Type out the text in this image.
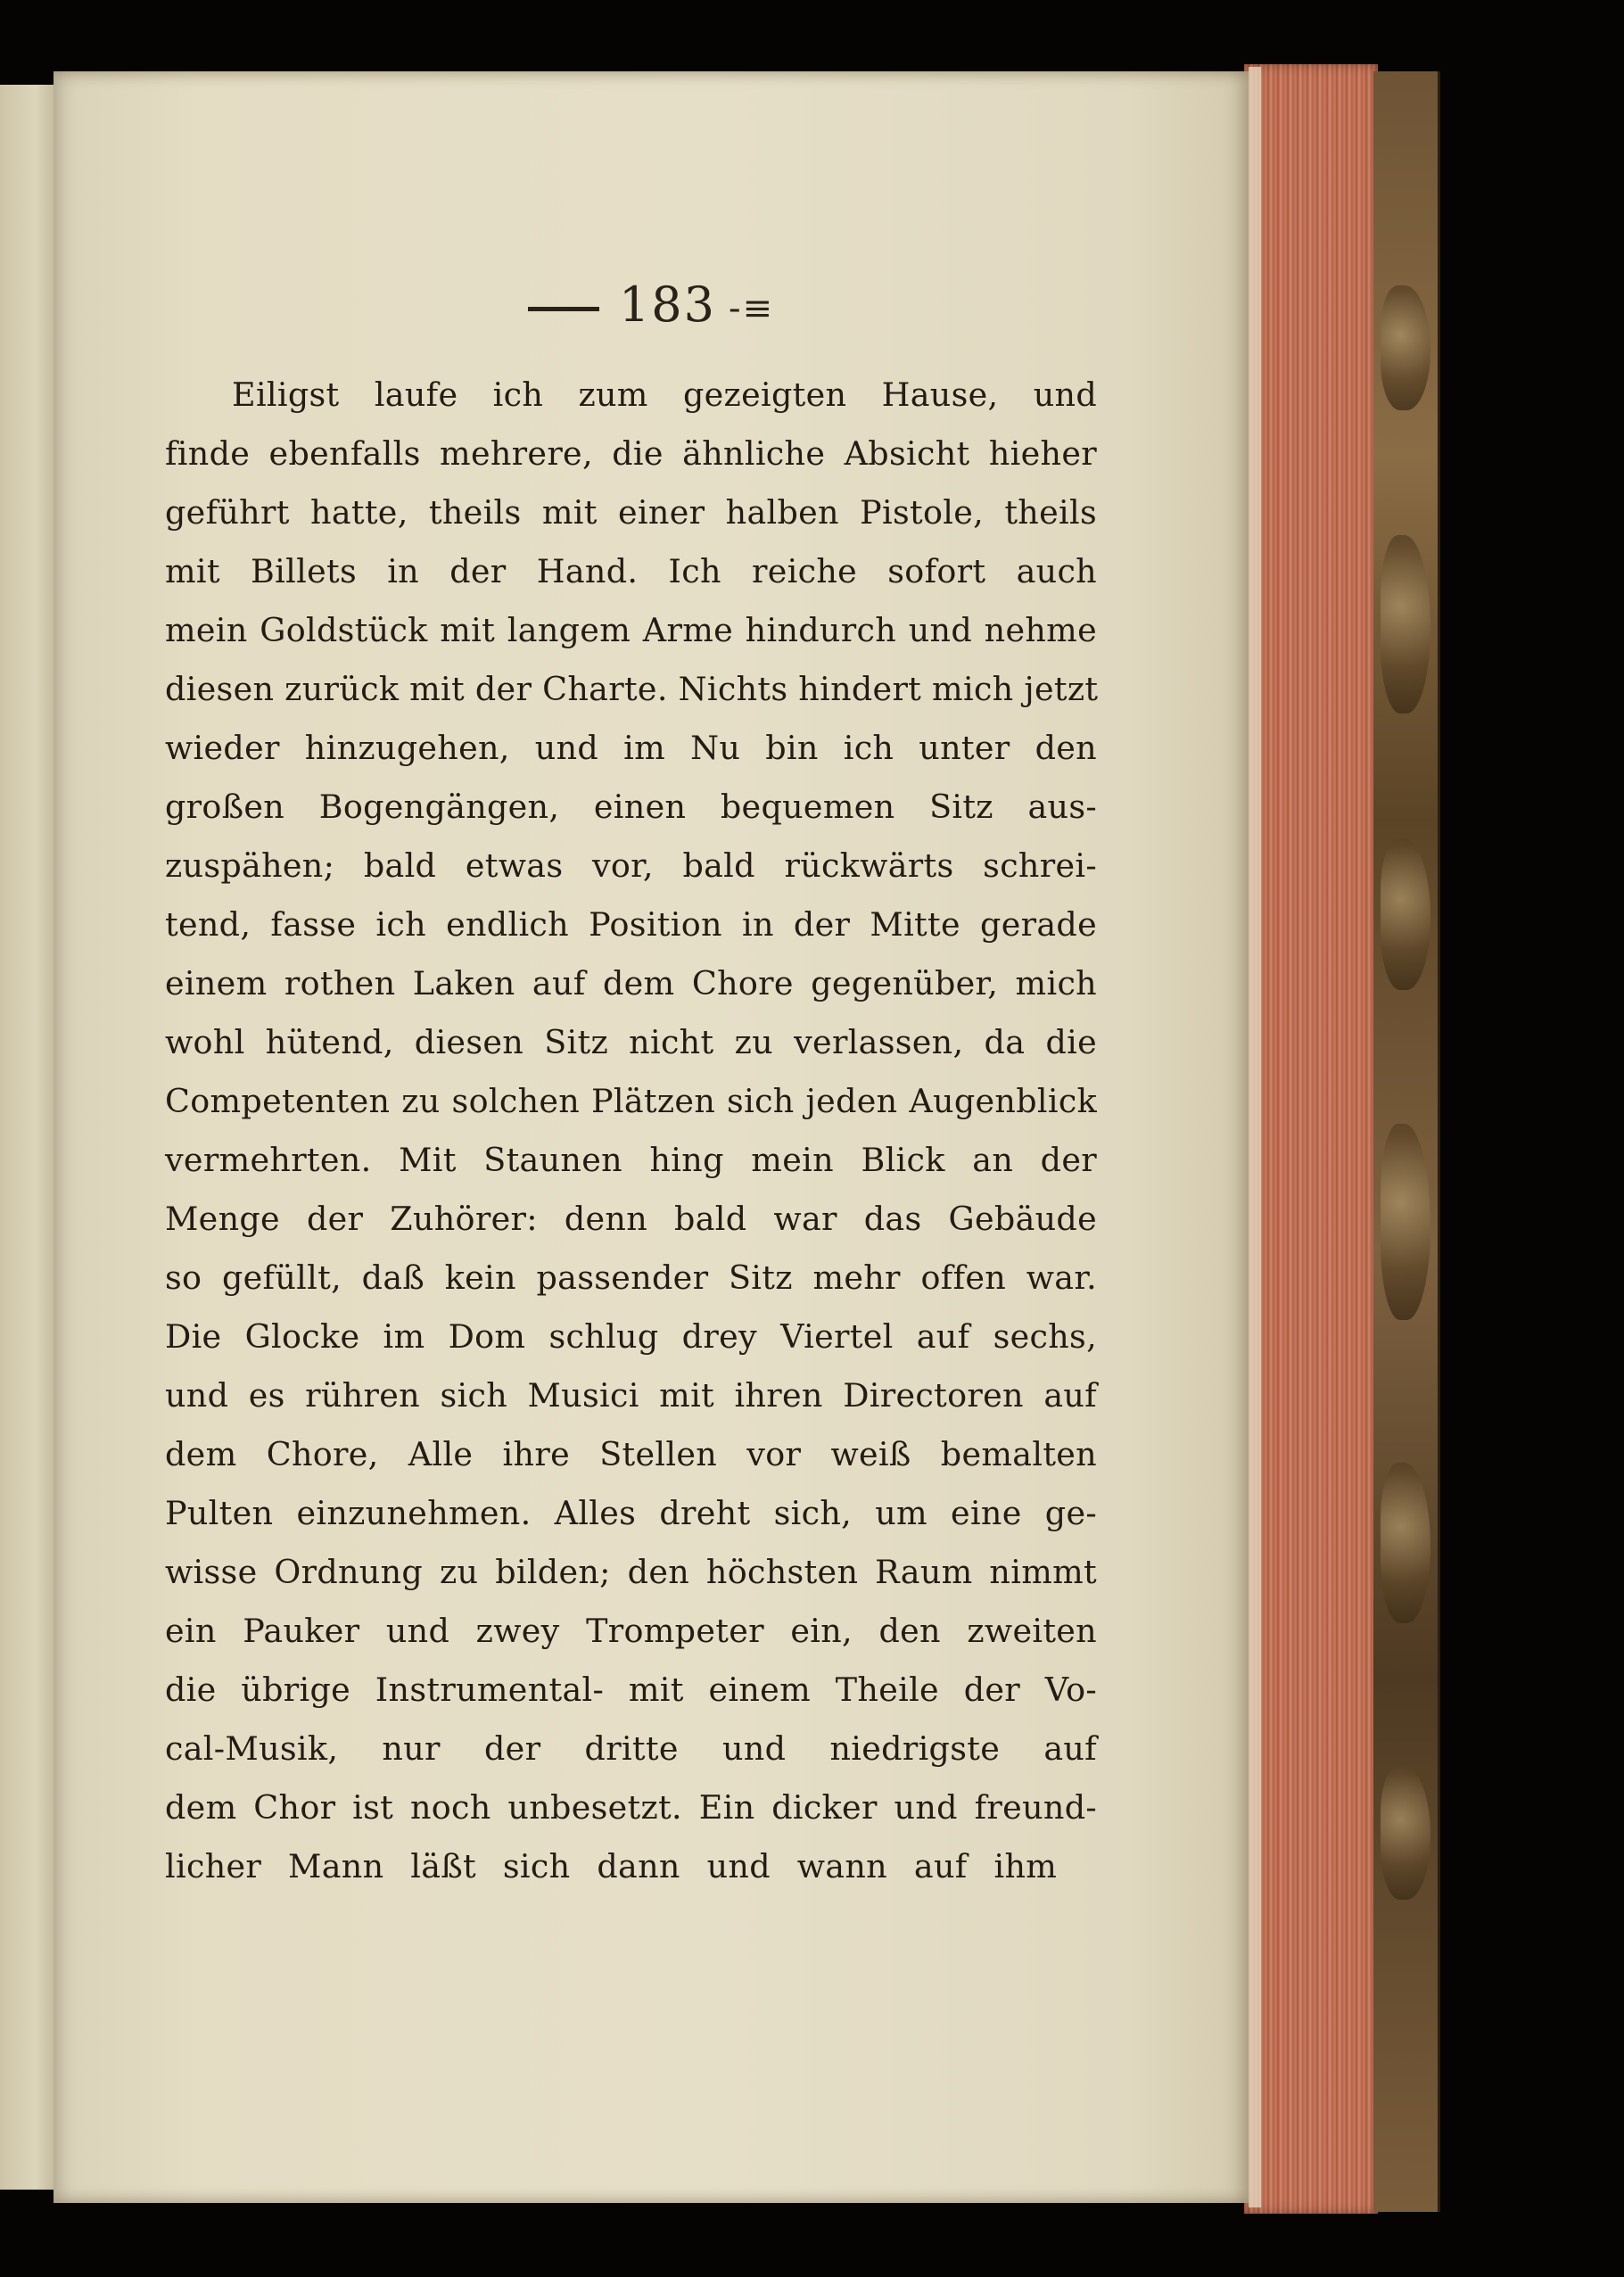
183 -≡
Eiligst laufe ich zum gezeigten Hause, und
finde ebenfalls mehrere, die ähnliche Absicht hieher
geführt hatte, theils mit einer halben Pistole, theils
mit Billets in der Hand. Ich reiche sofort auch
mein Goldstück mit langem Arme hindurch und nehme
diesen zurück mit der Charte. Nichts hindert mich jetzt
wieder hinzugehen, und im Nu bin ich unter den
großen Bogengängen, einen bequemen Sitz aus-
zuspähen; bald etwas vor, bald rückwärts schrei-
tend, fasse ich endlich Position in der Mitte gerade
einem rothen Laken auf dem Chore gegenüber, mich
wohl hütend, diesen Sitz nicht zu verlassen, da die
Competenten zu solchen Plätzen sich jeden Augenblick
vermehrten. Mit Staunen hing mein Blick an der
Menge der Zuhörer: denn bald war das Gebäude
so gefüllt, daß kein passender Sitz mehr offen war.
Die Glocke im Dom schlug drey Viertel auf sechs,
und es rühren sich Musici mit ihren Directoren auf
dem Chore, Alle ihre Stellen vor weiß bemalten
Pulten einzunehmen. Alles dreht sich, um eine ge-
wisse Ordnung zu bilden; den höchsten Raum nimmt
ein Pauker und zwey Trompeter ein, den zweiten
die übrige Instrumental- mit einem Theile der Vo-
cal-Musik, nur der dritte und niedrigste auf
dem Chor ist noch unbesetzt. Ein dicker und freund-
licher Mann läßt sich dann und wann auf ihm
